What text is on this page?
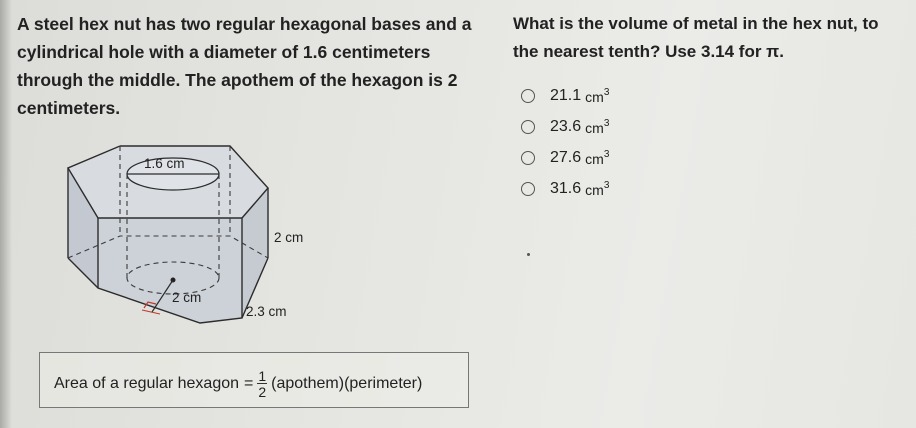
A steel hex nut has two regular hexagonal bases and a cylindrical hole with a diameter of 1.6 centimeters through the middle. The apothem of the hexagon is 2 centimeters.
What is the volume of metal in the hex nut, to the nearest tenth? Use 3.14 for π.
21.1 $cm^3$
23.6 $cm^3$
27.6 $cm^3$
31.6 $cm^3$
1.6 cm
2 cm
2 cm
2.3 cm
Area of a regular hexagon = $\frac{1}{2}$ (apothem)(perimeter)
